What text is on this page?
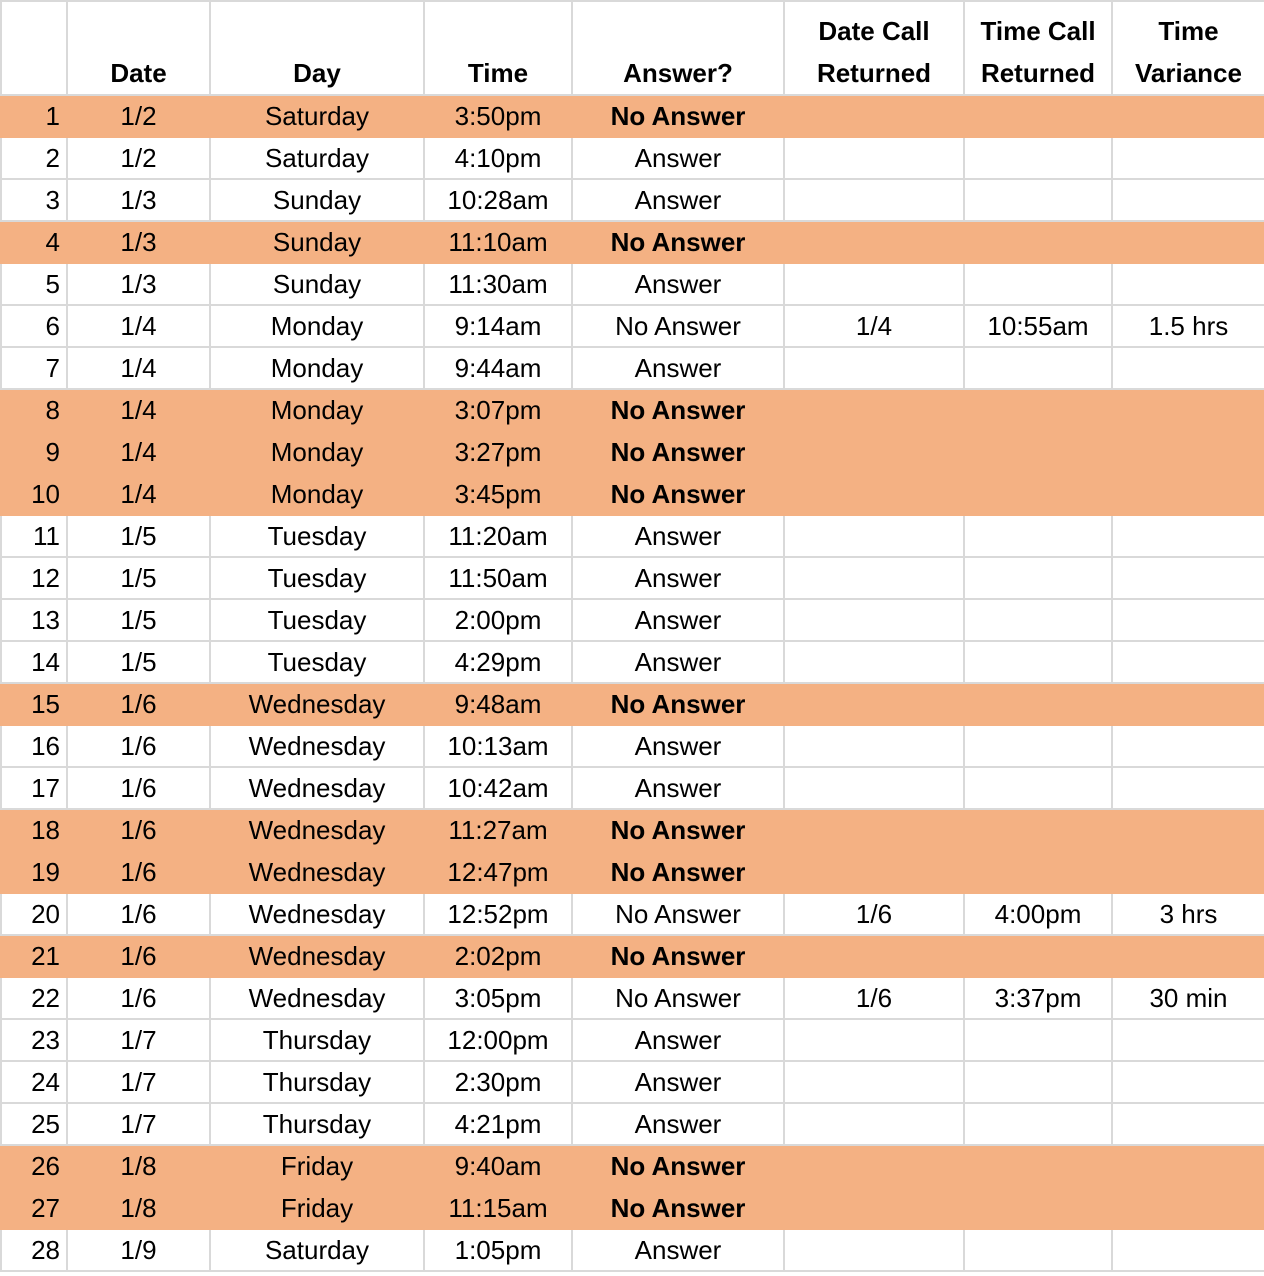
	Date	Day	Time	Answer?	Date Call Returned	Time Call Returned	Time Variance
1	1/2	Saturday	3:50pm	No Answer			
2	1/2	Saturday	4:10pm	Answer			
3	1/3	Sunday	10:28am	Answer			
4	1/3	Sunday	11:10am	No Answer			
5	1/3	Sunday	11:30am	Answer			
6	1/4	Monday	9:14am	No Answer	1/4	10:55am	1.5 hrs
7	1/4	Monday	9:44am	Answer			
8	1/4	Monday	3:07pm	No Answer			
9	1/4	Monday	3:27pm	No Answer			
10	1/4	Monday	3:45pm	No Answer			
11	1/5	Tuesday	11:20am	Answer			
12	1/5	Tuesday	11:50am	Answer			
13	1/5	Tuesday	2:00pm	Answer			
14	1/5	Tuesday	4:29pm	Answer			
15	1/6	Wednesday	9:48am	No Answer			
16	1/6	Wednesday	10:13am	Answer			
17	1/6	Wednesday	10:42am	Answer			
18	1/6	Wednesday	11:27am	No Answer			
19	1/6	Wednesday	12:47pm	No Answer			
20	1/6	Wednesday	12:52pm	No Answer	1/6	4:00pm	3 hrs
21	1/6	Wednesday	2:02pm	No Answer			
22	1/6	Wednesday	3:05pm	No Answer	1/6	3:37pm	30 min
23	1/7	Thursday	12:00pm	Answer			
24	1/7	Thursday	2:30pm	Answer			
25	1/7	Thursday	4:21pm	Answer			
26	1/8	Friday	9:40am	No Answer			
27	1/8	Friday	11:15am	No Answer			
28	1/9	Saturday	1:05pm	Answer			
